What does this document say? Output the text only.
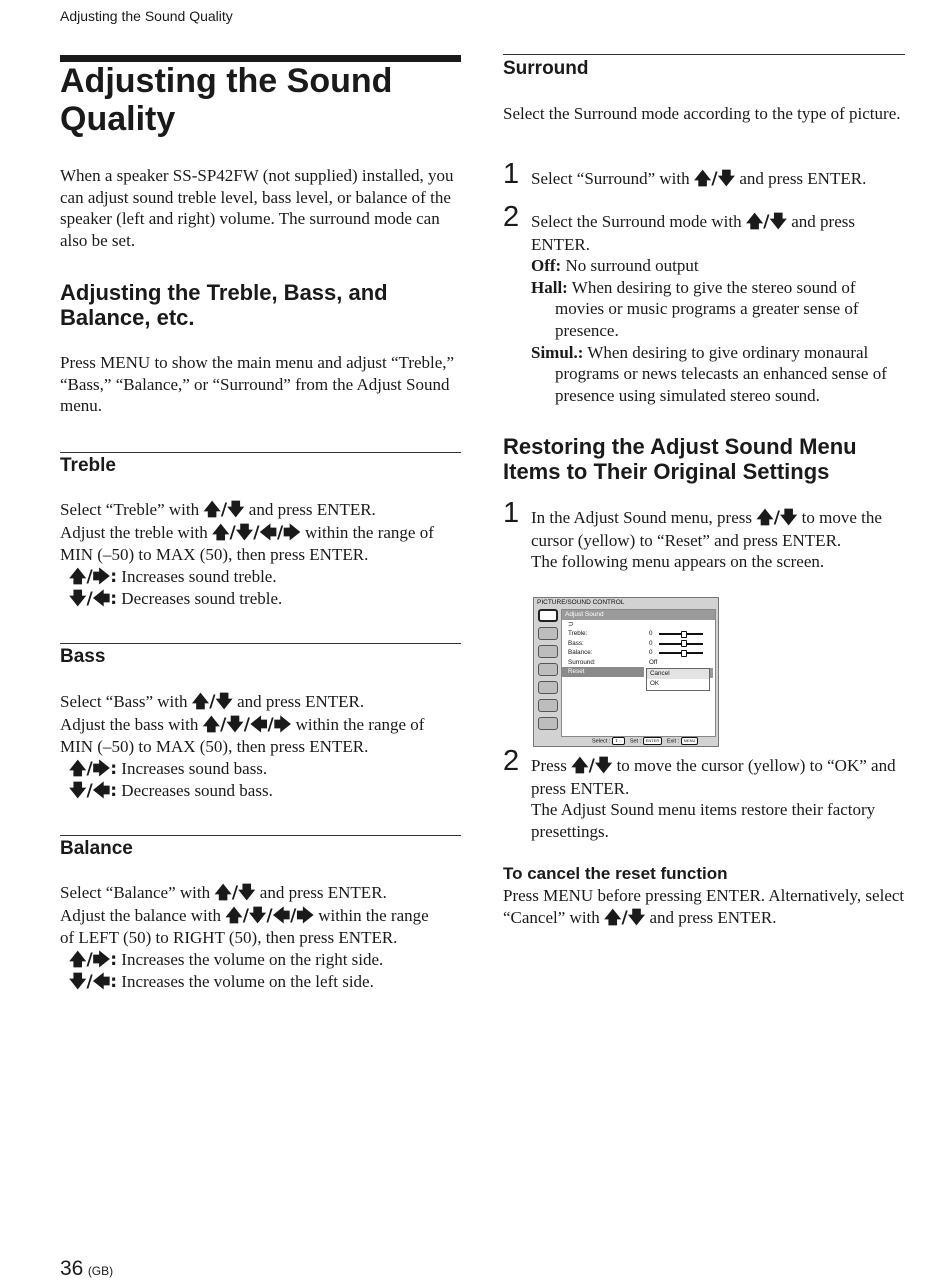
Adjusting the Sound Quality
Adjusting the Sound Quality

When a speaker SS-SP42FW (not supplied) installed, you can adjust sound treble level, bass level, or balance of the speaker (left and right) volume. The surround mode can also be set.

Adjusting the Treble, Bass, and Balance, etc.

Press MENU to show the main menu and adjust “Treble,” “Bass,” “Balance,” or “Surround” from the Adjust Sound menu.

Treble

Select “Treble” with 🡅/🡇 and press ENTER.

Adjust the treble with 🡅/🡇/🡄/🡆 within the range of

MIN (–50) to MAX (50), then press ENTER.

🡅/🡆: Increases sound treble.

🡇/🡄: Decreases sound treble.

Bass

Select “Bass” with 🡅/🡇 and press ENTER.

Adjust the bass with 🡅/🡇/🡄/🡆 within the range of

MIN (–50) to MAX (50), then press ENTER.

🡅/🡆: Increases sound bass.

🡇/🡄: Decreases sound bass.

Balance

Select “Balance” with 🡅/🡇 and press ENTER.

Adjust the balance with 🡅/🡇/🡄/🡆 within the range

of LEFT (50) to RIGHT (50), then press ENTER.

🡅/🡆: Increases the volume on the right side.

🡇/🡄: Increases the volume on the left side.

Surround

Select the Surround mode according to the type of picture.

1 Select “Surround” with 🡅/🡇 and press ENTER.

2 Select the Surround mode with 🡅/🡇 and press ENTER.

Off: No surround output

Hall: When desiring to give the stereo sound of movies or music programs a greater sense of presence.

Simul.: When desiring to give ordinary monaural programs or news telecasts an enhanced sense of presence using simulated stereo sound.

Restoring the Adjust Sound Menu Items to Their Original Settings
1 In the Adjust Sound menu, press 🡅/🡇 to move the cursor (yellow) to “Reset” and press ENTER.

The following menu appears on the screen.

PICTURE/SOUND CONTROL
Adjust Sound
⊃
Treble:	0
Bass:	0
Balance:	0
Surround:	Off
Reset	Cancel
OK
Select : ⇕⇔ Set : ENTER Exit : MENU
2 Press 🡅/🡇 to move the cursor (yellow) to “OK” and press ENTER.

The Adjust Sound menu items restore their factory presettings.

To cancel the reset function

Press MENU before pressing ENTER. Alternatively, select “Cancel” with 🡅/🡇 and press ENTER.

36 (GB)
